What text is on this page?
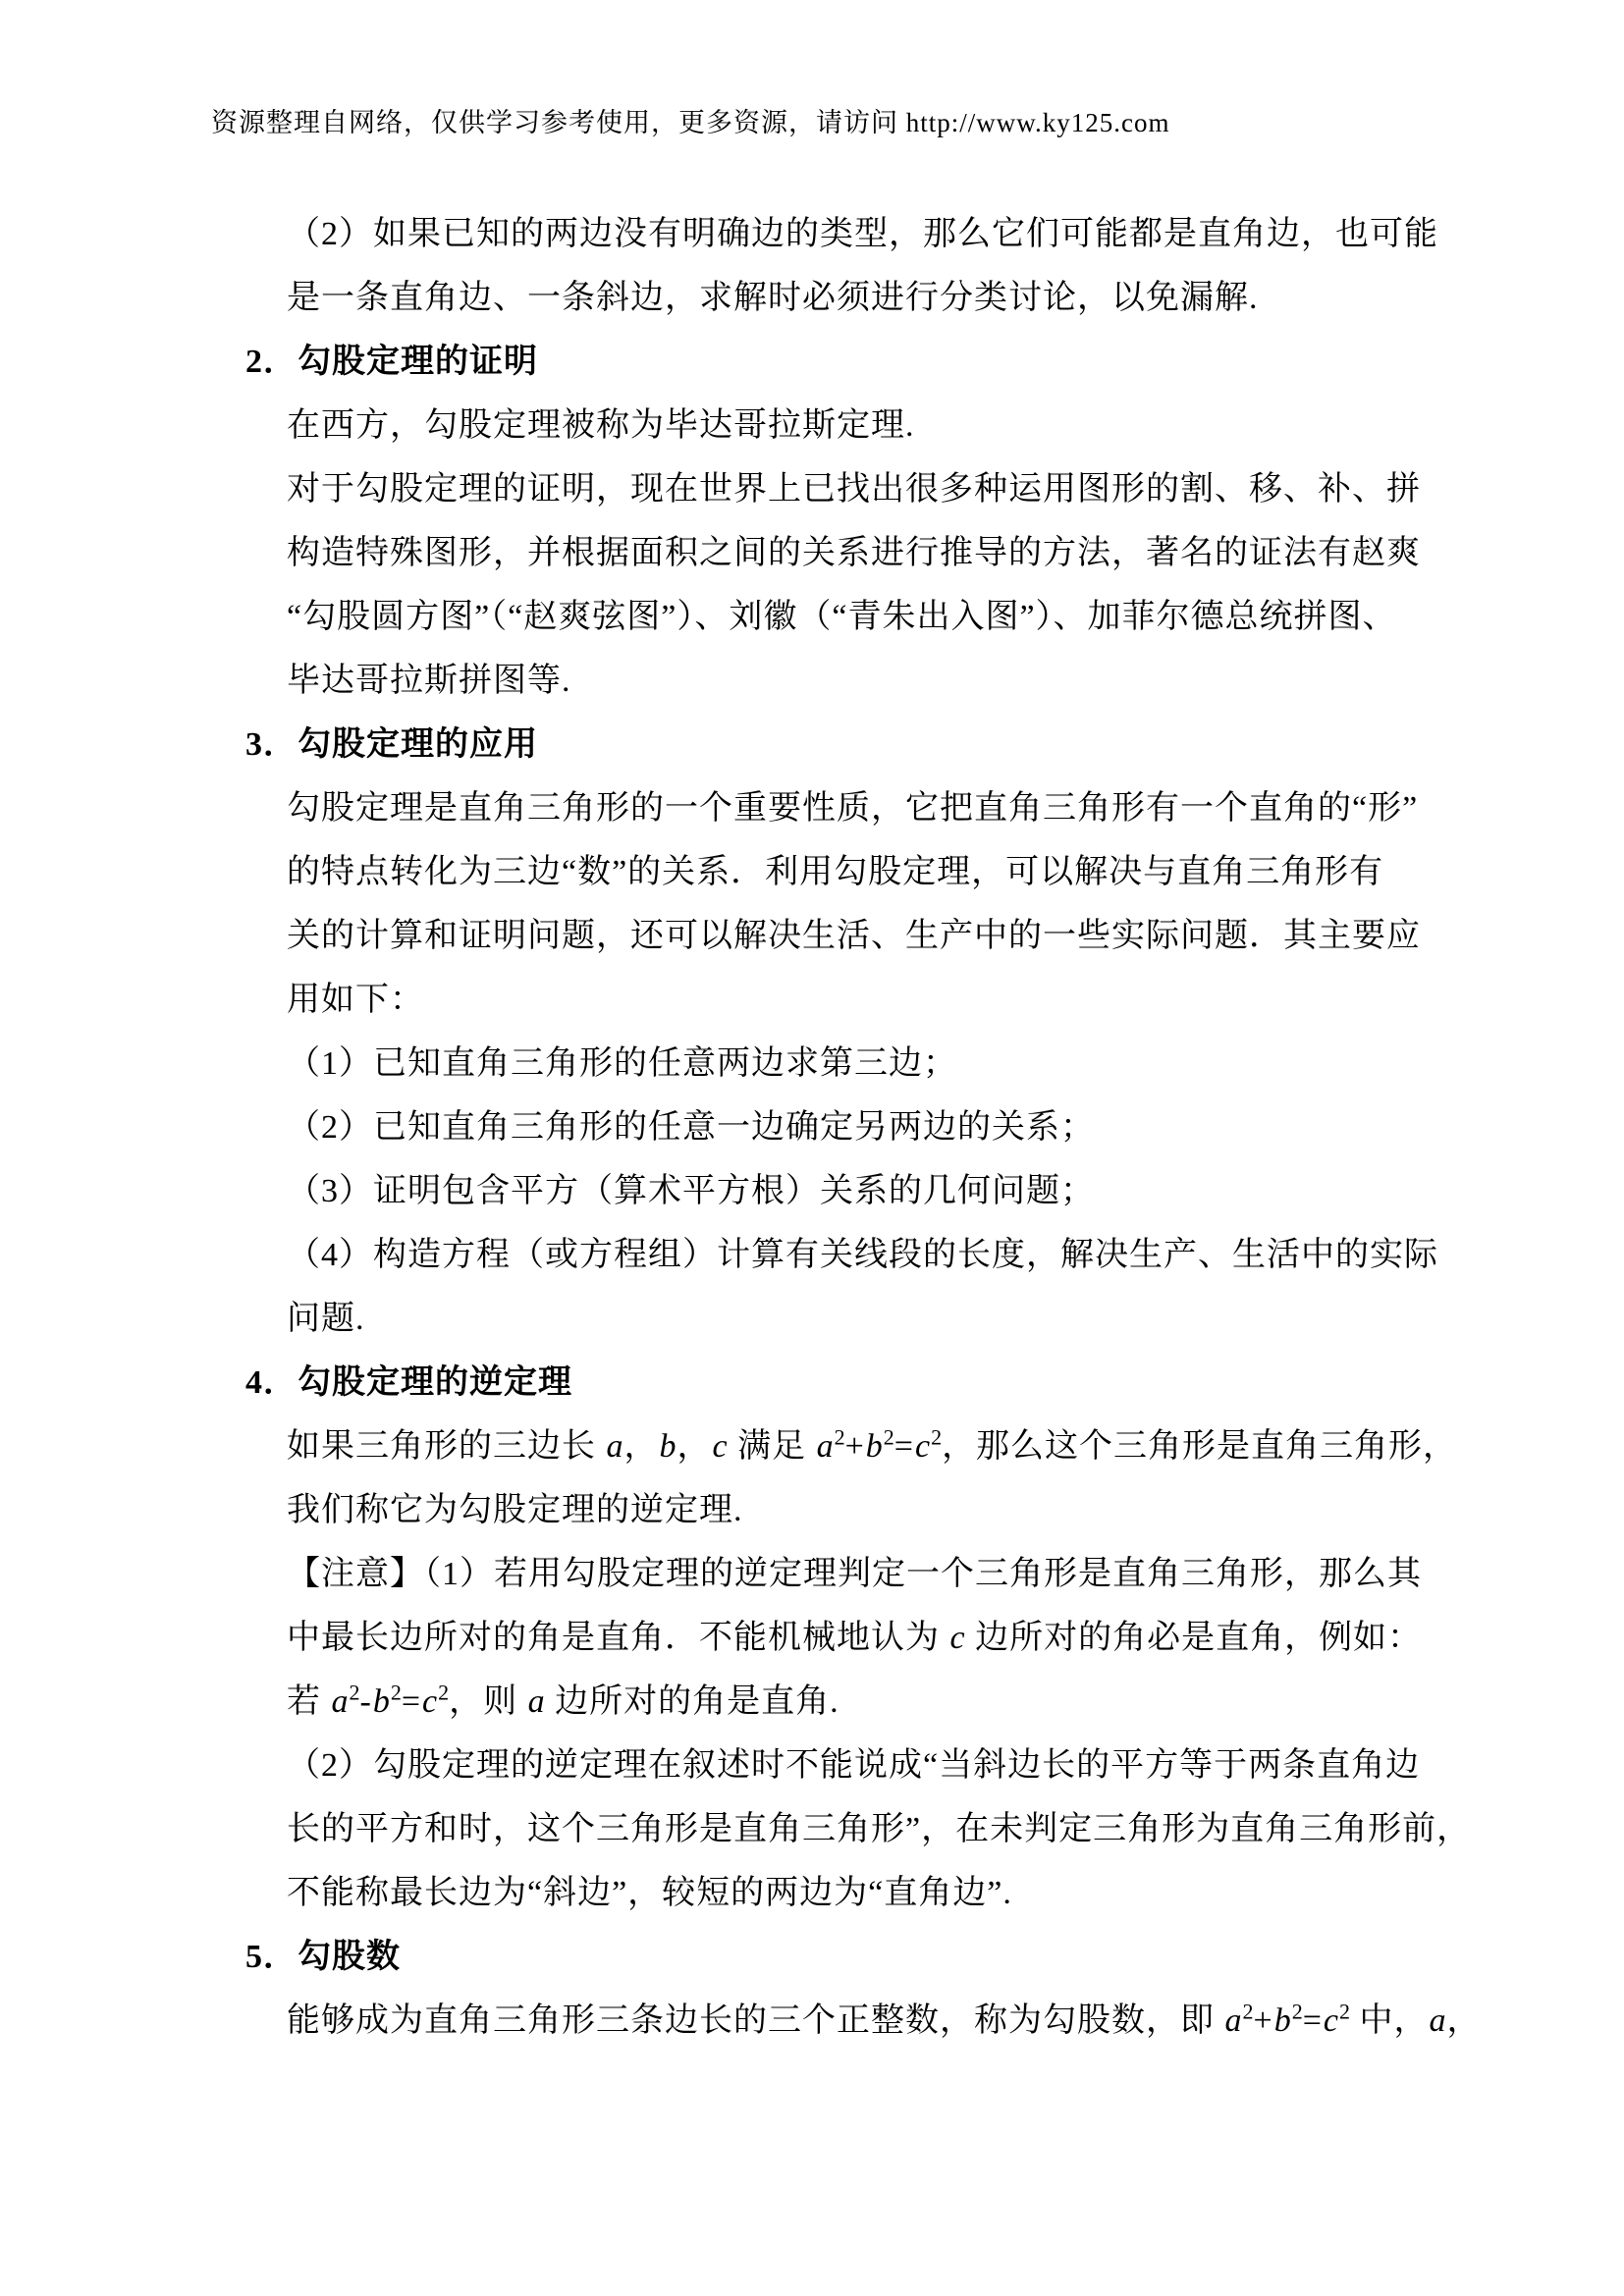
资源整理自网络，仅供学习参考使用，更多资源，请访问 http://www.ky125.com

（2）如果已知的两边没有明确边的类型，那么它们可能都是直角边，也可能

是一条直角边、一条斜边，求解时必须进行分类讨论，以免漏解.

2．勾股定理的证明

在西方，勾股定理被称为毕达哥拉斯定理.

对于勾股定理的证明，现在世界上已找出很多种运用图形的割、移、补、拼

构造特殊图形，并根据面积之间的关系进行推导的方法，著名的证法有赵爽

“勾股圆方图”（“赵爽弦图”）、刘徽（“青朱出入图”）、加菲尔德总统拼图、

毕达哥拉斯拼图等.

3．勾股定理的应用

勾股定理是直角三角形的一个重要性质，它把直角三角形有一个直角的“形”

的特点转化为三边“数”的关系．利用勾股定理，可以解决与直角三角形有

关的计算和证明问题，还可以解决生活、生产中的一些实际问题．其主要应

用如下：

（1）已知直角三角形的任意两边求第三边；

（2）已知直角三角形的任意一边确定另两边的关系；

（3）证明包含平方（算术平方根）关系的几何问题；

（4）构造方程（或方程组）计算有关线段的长度，解决生产、生活中的实际

问题.

4．勾股定理的逆定理

如果三角形的三边长 a，b，c 满足 $a^2+b^2=c^2$，那么这个三角形是直角三角形，

我们称它为勾股定理的逆定理.

【注意】（1）若用勾股定理的逆定理判定一个三角形是直角三角形，那么其

中最长边所对的角是直角．不能机械地认为 c 边所对的角必是直角，例如：

若 $a^2-b^2=c^2$，则 a 边所对的角是直角.

（2）勾股定理的逆定理在叙述时不能说成“当斜边长的平方等于两条直角边

长的平方和时，这个三角形是直角三角形”，在未判定三角形为直角三角形前，

不能称最长边为“斜边”，较短的两边为“直角边”.

5．勾股数

能够成为直角三角形三条边长的三个正整数，称为勾股数，即 $a^2+b^2=c^2$ 中，a，
